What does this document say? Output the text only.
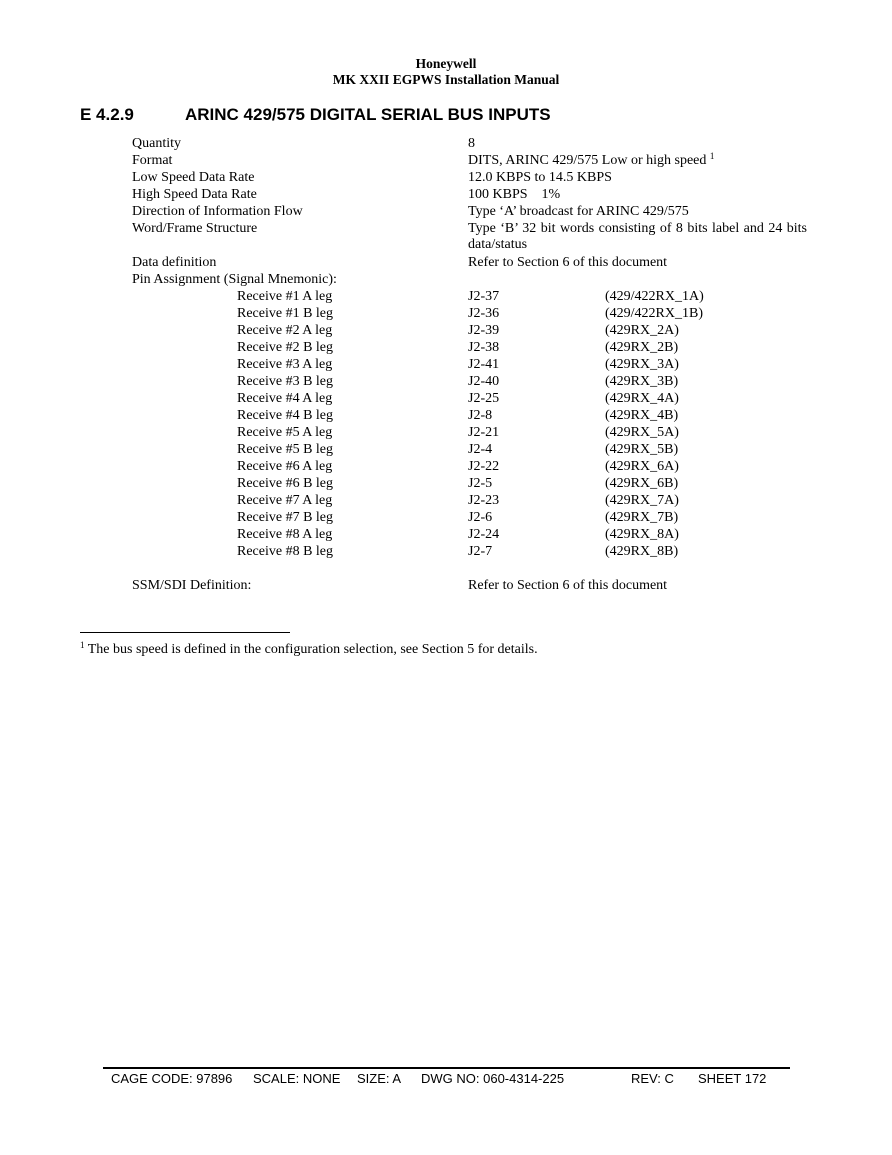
Honeywell
MK XXII EGPWS Installation Manual
E 4.2.9	ARINC 429/575 DIGITAL SERIAL BUS INPUTS
Quantity	8
Format	DITS, ARINC 429/575 Low or high speed $^1$
Low Speed Data Rate	12.0 KBPS to 14.5 KBPS
High Speed Data Rate	100 KBPS    1%
Direction of Information Flow	Type ‘A’ broadcast for ARINC 429/575
Word/Frame Structure	Type ‘B’ 32 bit words consisting of 8 bits label and 24 bits data/status
Data definition	Refer to Section 6 of this document
Pin Assignment (Signal Mnemonic):
Receive #1 A leg	J2-37	(429/422RX_1A)
Receive #1 B leg	J2-36	(429/422RX_1B)
Receive #2 A leg	J2-39	(429RX_2A)
Receive #2 B leg	J2-38	(429RX_2B)
Receive #3 A leg	J2-41	(429RX_3A)
Receive #3 B leg	J2-40	(429RX_3B)
Receive #4 A leg	J2-25	(429RX_4A)
Receive #4 B leg	J2-8	(429RX_4B)
Receive #5 A leg	J2-21	(429RX_5A)
Receive #5 B leg	J2-4	(429RX_5B)
Receive #6 A leg	J2-22	(429RX_6A)
Receive #6 B leg	J2-5	(429RX_6B)
Receive #7 A leg	J2-23	(429RX_7A)
Receive #7 B leg	J2-6	(429RX_7B)
Receive #8 A leg	J2-24	(429RX_8A)
Receive #8 B leg	J2-7	(429RX_8B)
SSM/SDI Definition:	Refer to Section 6 of this document
$^1$ The bus speed is defined in the configuration selection, see Section 5 for details.
CAGE CODE: 97896 SCALE: NONE SIZE: A DWG NO: 060-4314-225	REV: C SHEET 172
